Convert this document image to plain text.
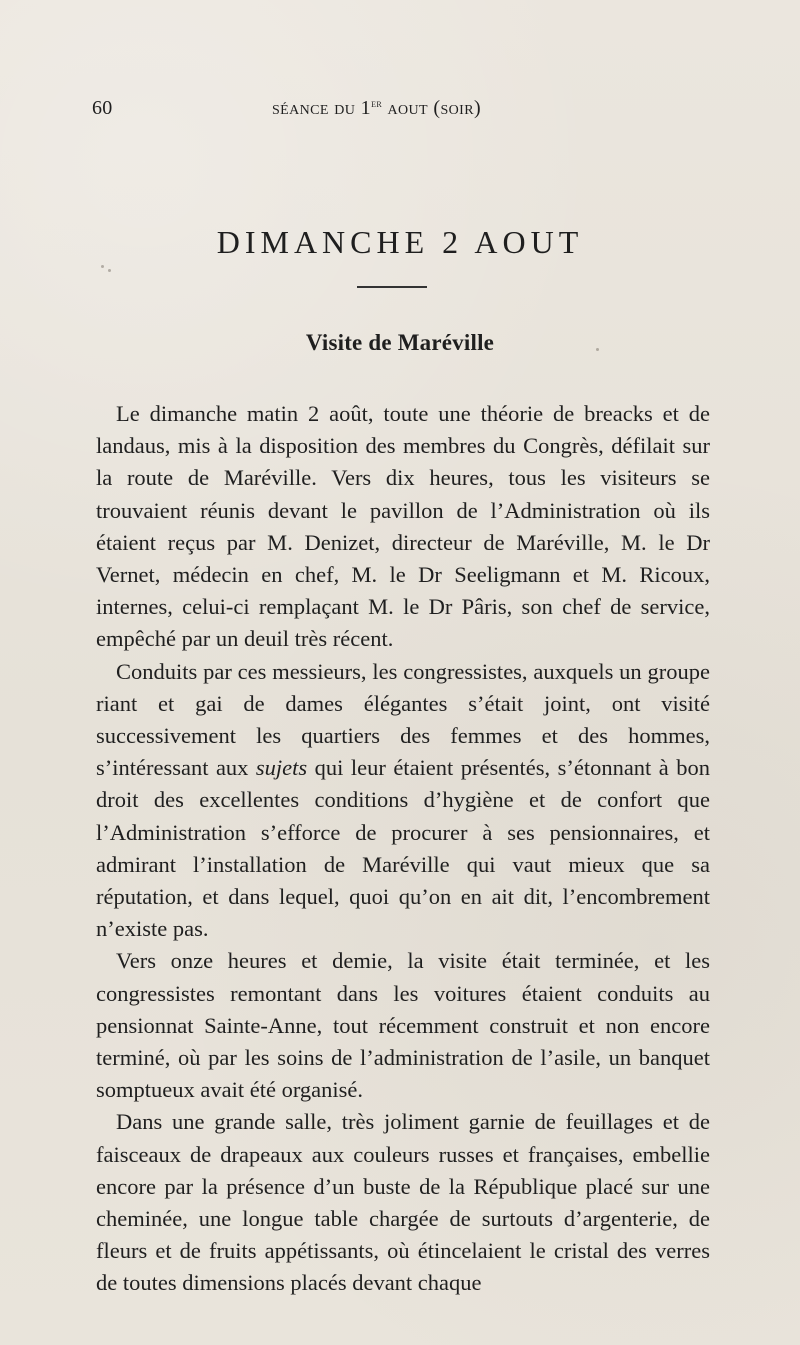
60	séance du 1er aout (soir)
DIMANCHE 2 AOUT
Visite de Maréville

Le dimanche matin 2 août, toute une théorie de breacks et de landaus, mis à la disposition des membres du Congrès, défilait sur la route de Maréville. Vers dix heures, tous les visiteurs se trouvaient réunis devant le pavillon de l’Administration où ils étaient reçus par M. Denizet, directeur de Maréville, M. le Dr Vernet, médecin en chef, M. le Dr Seeligmann et M. Ricoux, internes, celui-ci remplaçant M. le Dr Pâris, son chef de service, empêché par un deuil très récent.

Conduits par ces messieurs, les congressistes, auxquels un groupe riant et gai de dames élégantes s’était joint, ont visité successivement les quartiers des femmes et des hommes, s’intéressant aux sujets qui leur étaient présentés, s’étonnant à bon droit des excellentes conditions d’hygiène et de confort que l’Administration s’efforce de procurer à ses pensionnaires, et admirant l’installation de Maréville qui vaut mieux que sa réputation, et dans lequel, quoi qu’on en ait dit, l’encombrement n’existe pas.

Vers onze heures et demie, la visite était terminée, et les congressistes remontant dans les voitures étaient conduits au pensionnat Sainte-Anne, tout récemment construit et non encore terminé, où par les soins de l’administration de l’asile, un banquet somptueux avait été organisé.

Dans une grande salle, très joliment garnie de feuillages et de faisceaux de drapeaux aux couleurs russes et françaises, embellie encore par la présence d’un buste de la République placé sur une cheminée, une longue table chargée de surtouts d’argenterie, de fleurs et de fruits appétissants, où étincelaient le cristal des verres de toutes dimensions placés devant chaque
